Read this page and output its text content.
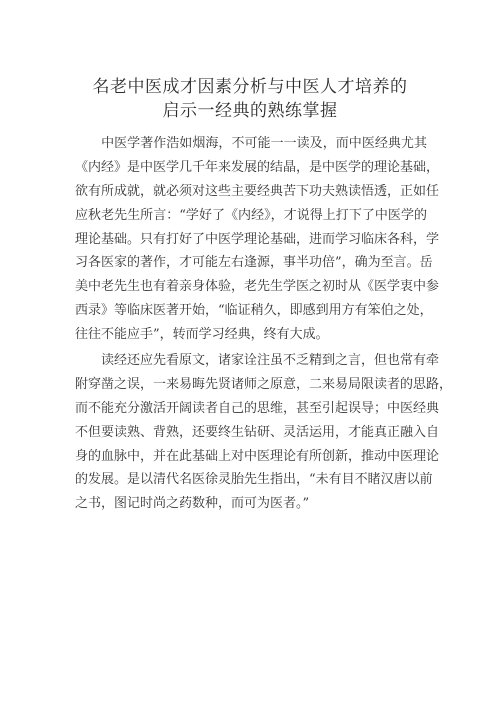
名老中医成才因素分析与中医人才培养的
启示一经典的熟练掌握
　　中医学著作浩如烟海，不可能一一读及，而中医经典尤其
《内经》是中医学几千年来发展的结晶，是中医学的理论基础，
欲有所成就，就必须对这些主要经典苦下功夫熟读悟透，正如任
应秋老先生所言：“学好了《内经》，才说得上打下了中医学的
理论基础。只有打好了中医学理论基础，进而学习临床各科，学
习各医家的著作，才可能左右逢源，事半功倍”，确为至言。岳
美中老先生也有着亲身体验，老先生学医之初时从《医学衷中参
西录》等临床医著开始，“临证稍久，即感到用方有笨伯之处，
往往不能应手”，转而学习经典，终有大成。
　　读经还应先看原文，诸家诠注虽不乏精到之言，但也常有牵
附穿凿之误，一来易晦先贤诸师之原意，二来易局限读者的思路，
而不能充分激活开阔读者自己的思维，甚至引起误导；中医经典
不但要读熟、背熟，还要终生钻研、灵活运用，才能真正融入自
身的血脉中，并在此基础上对中医理论有所创新，推动中医理论
的发展。是以清代名医徐灵胎先生指出，“未有目不睹汉唐以前
之书，图记时尚之药数种，而可为医者。”
